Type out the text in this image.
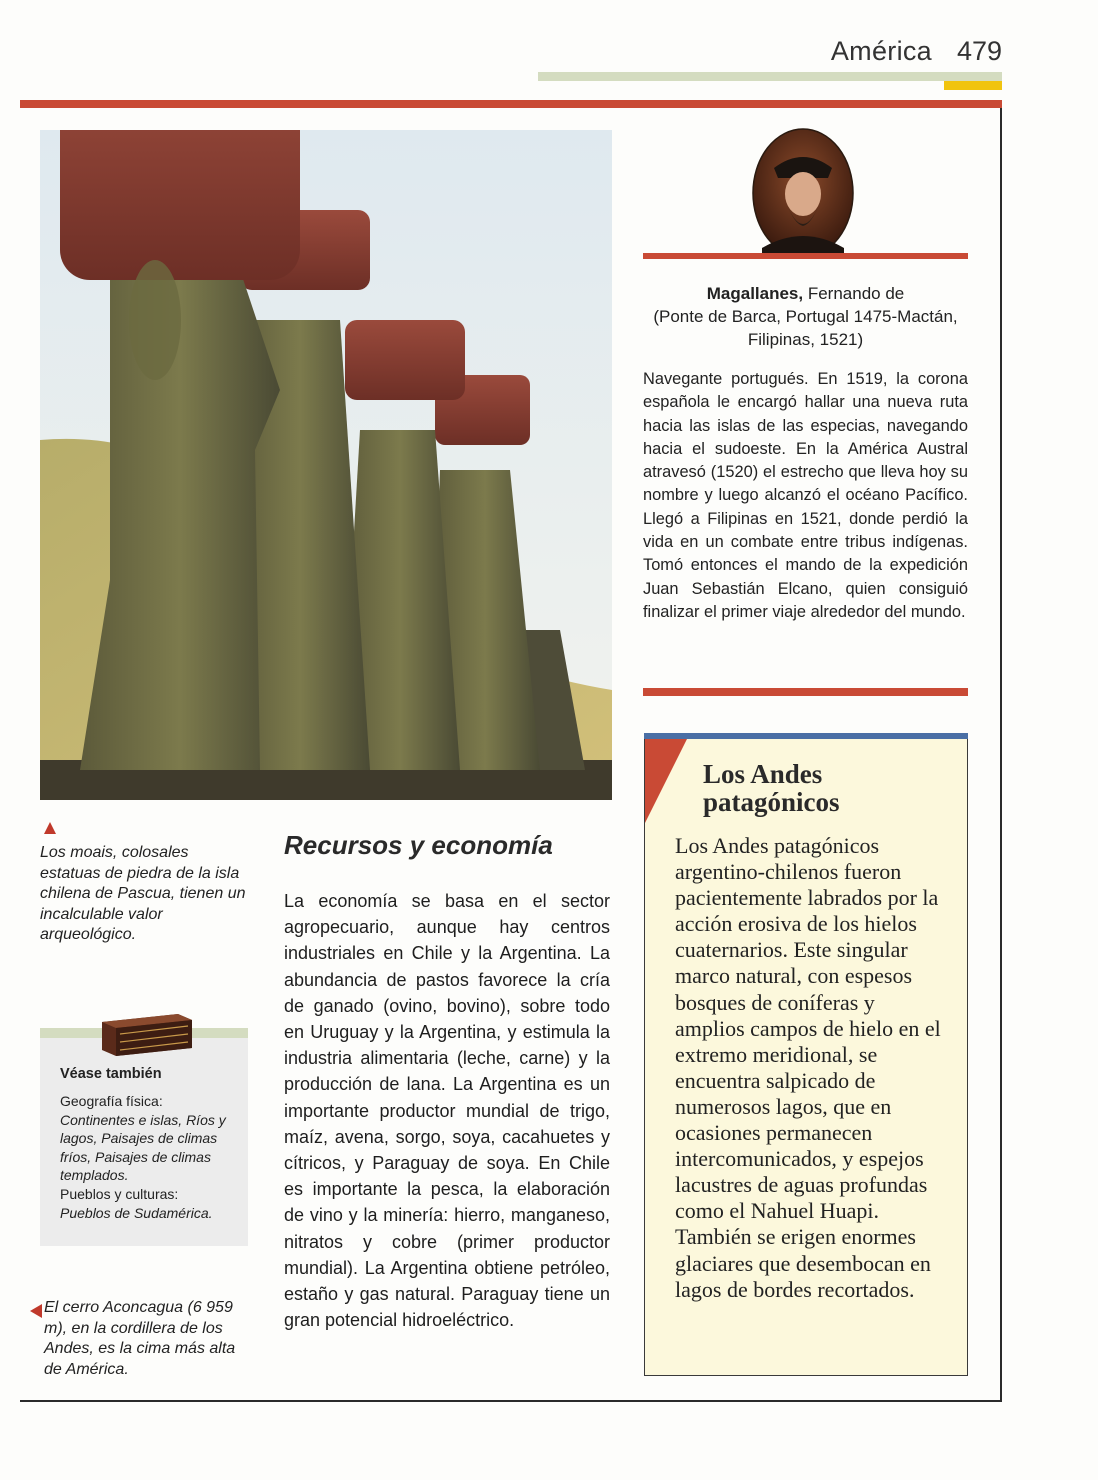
América 479
Los moais, colosales estatuas de piedra de la isla chilena de Pascua, tienen un incalculable valor arqueológico.
Véase también
Geografía física:
Continentes e islas, Ríos y lagos, Paisajes de climas fríos, Paisajes de climas templados.
Pueblos y culturas:
Pueblos de Sudamérica.
El cerro Aconcagua (6 959 m), en la cordillera de los Andes, es la cima más alta de América.
Recursos y economía
La economía se basa en el sector agropecuario, aunque hay centros industriales en Chile y la Argentina. La abundancia de pastos favorece la cría de ganado (ovino, bovino), sobre todo en Uruguay y la Argentina, y estimula la industria alimentaria (leche, carne) y la producción de lana. La Argentina es un importante productor mundial de trigo, maíz, avena, sorgo, soya, cacahuetes y cítricos, y Paraguay de soya. En Chile es importante la pesca, la elaboración de vino y la minería: hierro, manganeso, nitratos y cobre (primer productor mundial). La Argentina obtiene petróleo, estaño y gas natural. Paraguay tiene un gran potencial hidroeléctrico.
Magallanes, Fernando de
(Ponte de Barca, Portugal 1475-Mactán, Filipinas, 1521)
Navegante portugués. En 1519, la corona española le encargó hallar una nueva ruta hacia las islas de las especias, navegando hacia el sudoeste. En la América Austral atravesó (1520) el estrecho que lleva hoy su nombre y luego alcanzó el océano Pacífico. Llegó a Filipinas en 1521, donde perdió la vida en un combate entre tribus indígenas. Tomó entonces el mando de la expedición Juan Sebastián Elcano, quien consiguió finalizar el primer viaje alrededor del mundo.
Los Andes
patagónicos
Los Andes patagónicos argentino-chilenos fueron pacientemente labrados por la acción erosiva de los hielos cuaternarios. Este singular marco natural, con espesos bosques de coníferas y amplios campos de hielo en el extremo meridional, se encuentra salpicado de numerosos lagos, que en ocasiones permanecen intercomunicados, y espejos lacustres de aguas profundas como el Nahuel Huapi. También se erigen enormes glaciares que desembocan en lagos de bordes recortados.
